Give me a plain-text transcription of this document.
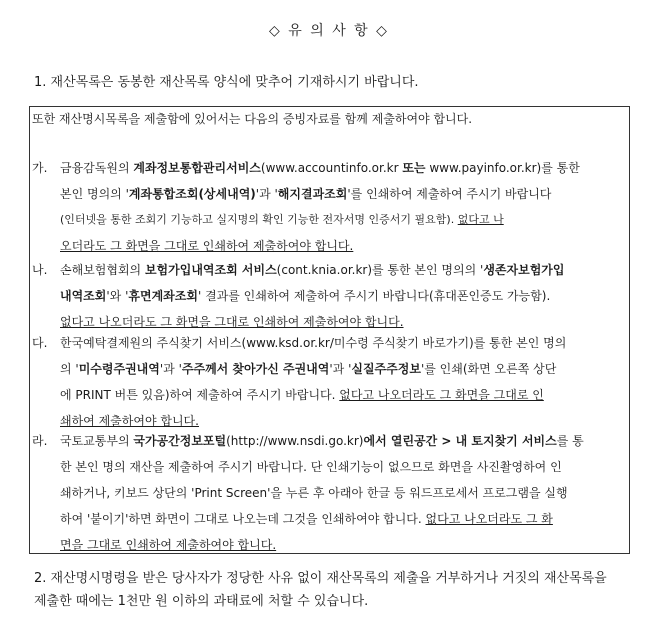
◇ 유 의 사 항 ◇
1. 재산목록은 동봉한 재산목록 양식에 맞추어 기재하시기 바랍니다.
또한 재산명시목록을 제출함에 있어서는 다음의 증빙자료를 함께 제출하여야 합니다.
가. 금융감독원의 계좌정보통합관리서비스(www.accountinfo.or.kr 또는 www.payinfo.or.kr)를 통한
본인 명의의 '계좌통합조회(상세내역)'과 '해지결과조회'를 인쇄하여 제출하여 주시기 바랍니다
(인터넷을 통한 조회기 기능하고 실지명의 확인 기능한 전자서명 인증서기 필요함). 없다고 나
오더라도 그 화면을 그대로 인쇄하여 제출하여야 합니다.
나. 손해보험협회의 보험가입내역조회 서비스(cont.knia.or.kr)를 통한 본인 명의의 '생존자보험가입
내역조회'와 '휴면계좌조회' 결과를 인쇄하여 제출하여 주시기 바랍니다(휴대폰인증도 가능함).
없다고 나오더라도 그 화면을 그대로 인쇄하여 제출하여야 합니다.
다. 한국예탁결제원의 주식찾기 서비스(www.ksd.or.kr/미수령 주식찾기 바로가기)를 통한 본인 명의
의 '미수령주권내역'과 '주주께서 찾아가신 주권내역'과 '실질주주정보'를 인쇄(화면 오른쪽 상단
에 PRINT 버튼 있음)하여 제출하여 주시기 바랍니다. 없다고 나오더라도 그 화면을 그대로 인
쇄하여 제출하여야 합니다.
라. 국토교통부의 국가공간정보포털(http://www.nsdi.go.kr)에서 열린공간 > 내 토지찾기 서비스를 통
한 본인 명의 재산을 제출하여 주시기 바랍니다. 단 인쇄기능이 없으므로 화면을 사진촬영하여 인
쇄하거나, 키보드 상단의 'Print Screen'을 누른 후 아래아 한글 등 워드프로세서 프로그램을 실행
하여 '붙이기'하면 화면이 그대로 나오는데 그것을 인쇄하여야 합니다. 없다고 나오더라도 그 화
면을 그대로 인쇄하여 제출하여야 합니다.
2. 재산명시명령을 받은 당사자가 정당한 사유 없이 재산목록의 제출을 거부하거나 거짓의 재산목록을
제출한 때에는 1천만 원 이하의 과태료에 처할 수 있습니다.
